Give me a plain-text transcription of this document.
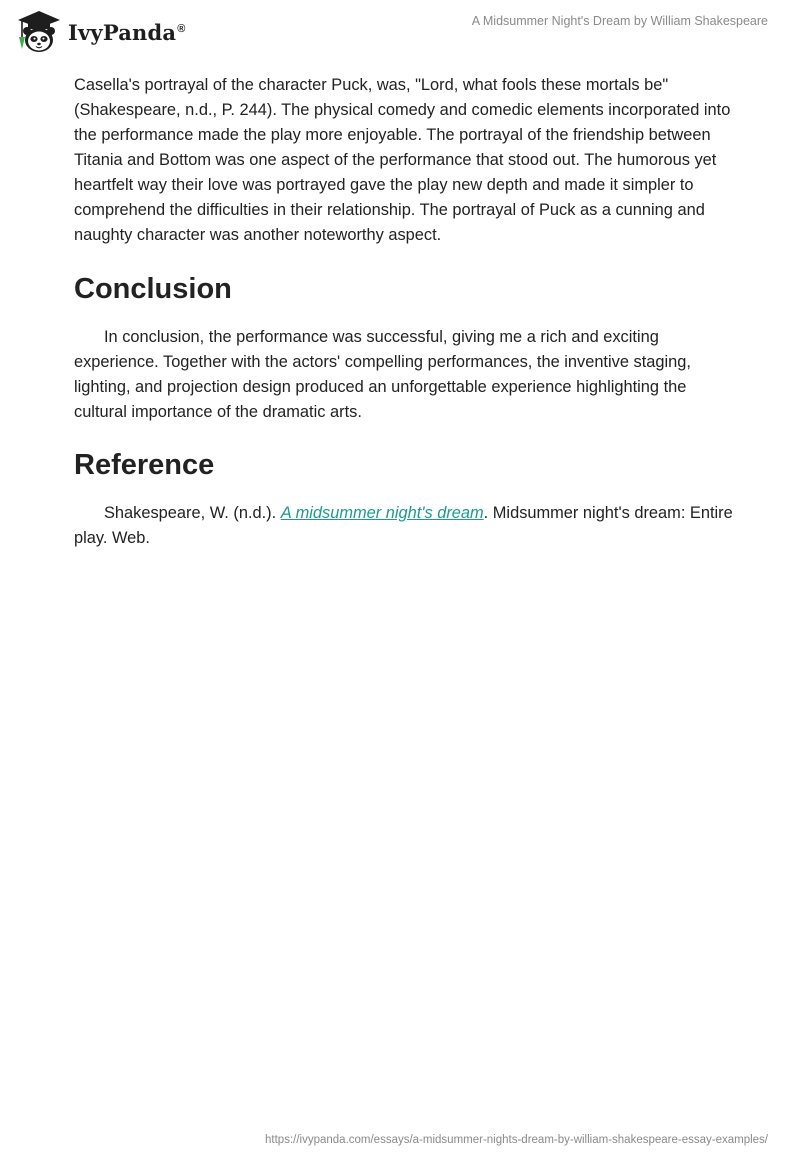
IvyPanda®
A Midsummer Night's Dream by William Shakespeare

Casella's portrayal of the character Puck, was, "Lord, what fools these mortals be" (Shakespeare, n.d., P. 244). The physical comedy and comedic elements incorporated into the performance made the play more enjoyable. The portrayal of the friendship between Titania and Bottom was one aspect of the performance that stood out. The humorous yet heartfelt way their love was portrayed gave the play new depth and made it simpler to comprehend the difficulties in their relationship. The portrayal of Puck as a cunning and naughty character was another noteworthy aspect.

Conclusion

In conclusion, the performance was successful, giving me a rich and exciting experience. Together with the actors' compelling performances, the inventive staging, lighting, and projection design produced an unforgettable experience highlighting the cultural importance of the dramatic arts.

Reference

Shakespeare, W. (n.d.). A midsummer night's dream. Midsummer night's dream: Entire play. Web.

https://ivypanda.com/essays/a-midsummer-nights-dream-by-william-shakespeare-essay-examples/
